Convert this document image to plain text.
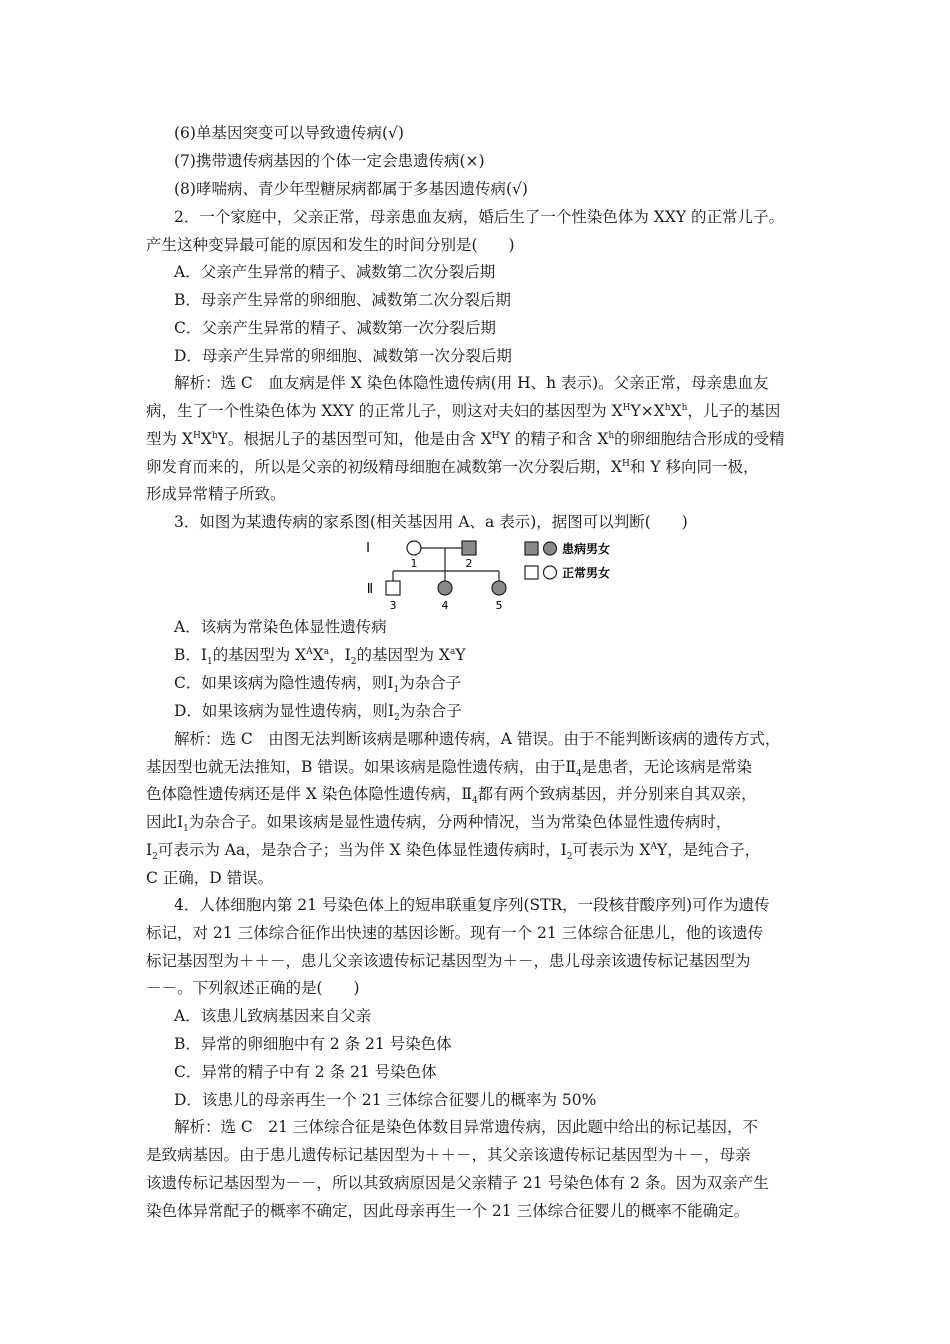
(6)单基因突变可以导致遗传病(√)
(7)携带遗传病基因的个体一定会患遗传病(×)
(8)哮喘病、青少年型糖尿病都属于多基因遗传病(√)
2．一个家庭中，父亲正常，母亲患血友病，婚后生了一个性染色体为 XXY 的正常儿子。
产生这种变异最可能的原因和发生的时间分别是(　　)
A．父亲产生异常的精子、减数第二次分裂后期
B．母亲产生异常的卵细胞、减数第二次分裂后期
C．父亲产生异常的精子、减数第一次分裂后期
D．母亲产生异常的卵细胞、减数第一次分裂后期
解析：选 C　血友病是伴 X 染色体隐性遗传病(用 H、h 表示)。父亲正常，母亲患血友
病，生了一个性染色体为 XXY 的正常儿子，则这对夫妇的基因型为 $X^HY\times X^hX^h$，儿子的基因
型为 $X^HX^hY$。根据儿子的基因型可知，他是由含 $X^HY$ 的精子和含 $X^h$的卵细胞结合形成的受精
卵发育而来的，所以是父亲的初级精母细胞在减数第一次分裂后期，$X^H$和 Y 移向同一极，
形成异常精子所致。
3．如图为某遗传病的家系图(相关基因用 A、a 表示)，据图可以判断(　　)
Ⅰ
Ⅱ
1	2
3	4	5
患病男女
正常男女
A．该病为常染色体显性遗传病
B．$Ⅰ_1$的基因型为 $X^AX^a$，$Ⅰ_2$的基因型为 $X^aY$
C．如果该病为隐性遗传病，则$Ⅰ_1$为杂合子
D．如果该病为显性遗传病，则$Ⅰ_2$为杂合子
解析：选 C　由图无法判断该病是哪种遗传病，A 错误。由于不能判断该病的遗传方式，
基因型也就无法推知，B 错误。如果该病是隐性遗传病，由于$Ⅱ_4$是患者，无论该病是常染
色体隐性遗传病还是伴 X 染色体隐性遗传病，$Ⅱ_4$都有两个致病基因，并分别来自其双亲，
因此$Ⅰ_1$为杂合子。如果该病是显性遗传病，分两种情况，当为常染色体显性遗传病时，
$Ⅰ_2$可表示为 Aa，是杂合子；当为伴 X 染色体显性遗传病时，$Ⅰ_2$可表示为 $X^AY$，是纯合子，
C 正确，D 错误。
4．人体细胞内第 21 号染色体上的短串联重复序列(STR，一段核苷酸序列)可作为遗传
标记，对 21 三体综合征作出快速的基因诊断。现有一个 21 三体综合征患儿，他的该遗传
标记基因型为＋＋－，患儿父亲该遗传标记基因型为＋－，患儿母亲该遗传标记基因型为
－－。下列叙述正确的是(　　)
A．该患儿致病基因来自父亲
B．异常的卵细胞中有 2 条 21 号染色体
C．异常的精子中有 2 条 21 号染色体
D．该患儿的母亲再生一个 21 三体综合征婴儿的概率为 50%
解析：选 C　21 三体综合征是染色体数目异常遗传病，因此题中给出的标记基因，不
是致病基因。由于患儿遗传标记基因型为＋＋－，其父亲该遗传标记基因型为＋－，母亲
该遗传标记基因型为－－，所以其致病原因是父亲精子 21 号染色体有 2 条。因为双亲产生
染色体异常配子的概率不确定，因此母亲再生一个 21 三体综合征婴儿的概率不能确定。
